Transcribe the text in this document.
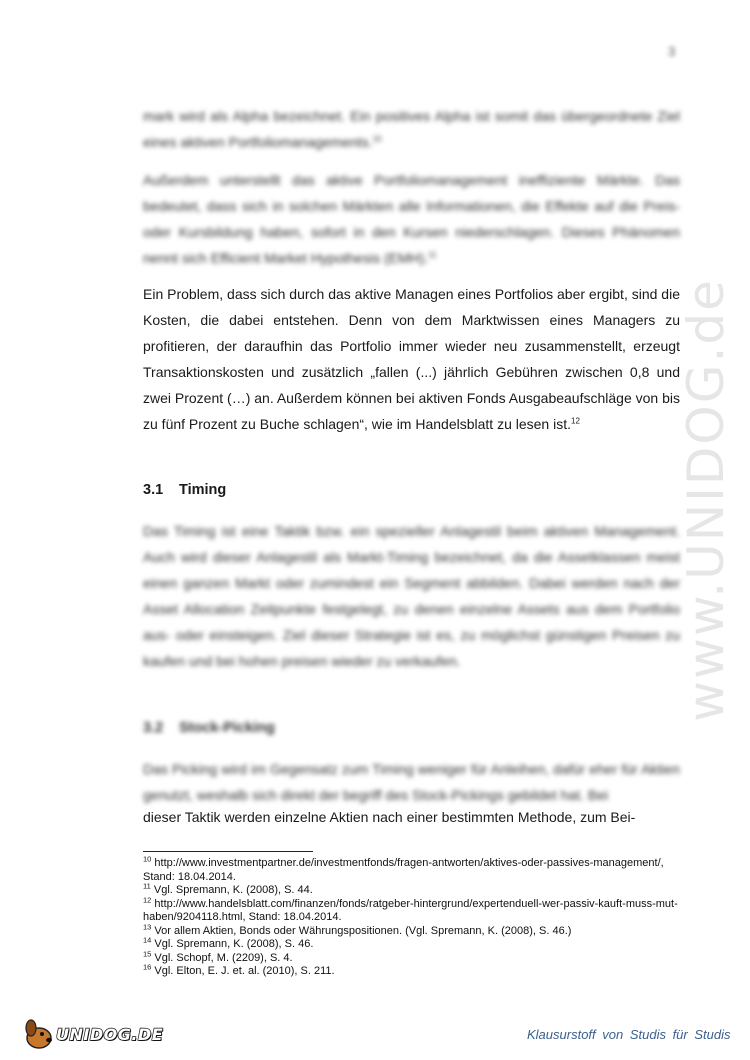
3
www.UNIDOG.de

mark wird als Alpha bezeichnet. Ein positives Alpha ist somit das übergeordnete Ziel eines aktiven Portfoliomanagements.$^{10}$

Außerdem unterstellt das aktive Portfoliomanagement ineffiziente Märkte. Das bedeutet, dass sich in solchen Märkten alle Informationen, die Effekte auf die Preis- oder Kursbildung haben, sofort in den Kursen niederschlagen. Dieses Phänomen nennt sich Efficient Market Hypothesis (EMH).$^{11}$

Ein Problem, dass sich durch das aktive Managen eines Portfolios aber ergibt, sind die Kosten, die dabei entstehen. Denn von dem Marktwissen eines Managers zu profitieren, der daraufhin das Portfolio immer wieder neu zusammenstellt, erzeugt Transaktionskosten und zusätzlich „fallen (...) jährlich Gebühren zwischen 0,8 und zwei Prozent (…) an. Außerdem können bei aktiven Fonds Ausgabeaufschläge von bis zu fünf Prozent zu Buche schlagen“, wie im Handelsblatt zu lesen ist.$^{12}$

3.1 Timing

Das Timing ist eine Taktik bzw. ein spezieller Anlagestil beim aktiven Management. Auch wird dieser Anlagestil als Markt-Timing bezeichnet, da die Assetklassen meist einen ganzen Markt oder zumindest ein Segment abbilden. Dabei werden nach der Asset Allocation Zeitpunkte festgelegt, zu denen einzelne Assets aus dem Portfolio aus- oder einsteigen. Ziel dieser Strategie ist es, zu möglichst günstigen Preisen zu kaufen und bei hohen preisen wieder zu verkaufen.

3.2 Stock-Picking

Das Picking wird im Gegensatz zum Timing weniger für Anleihen, dafür eher für Aktien genutzt, weshalb sich direkt der begriff des Stock-Pickings gebildet hat. Bei

dieser Taktik werden einzelne Aktien nach einer bestimmten Methode, zum Bei-

$^{10}$ http://www.investmentpartner.de/investmentfonds/fragen-antworten/aktives-oder-passives-management/, Stand: 18.04.2014.
$^{11}$ Vgl. Spremann, K. (2008), S. 44.
$^{12}$ http://www.handelsblatt.com/finanzen/fonds/ratgeber-hintergrund/expertenduell-wer-passiv-kauft-muss-mut-haben/9204118.html, Stand: 18.04.2014.
$^{13}$ Vor allem Aktien, Bonds oder Währungspositionen. (Vgl. Spremann, K. (2008), S. 46.)
$^{14}$ Vgl. Spremann, K. (2008), S. 46.
$^{15}$ Vgl. Schopf, M. (2209), S. 4.
$^{16}$ Vgl. Elton, E. J. et. al. (2010), S. 211.
UNIDOG.DE	Klausurstoff von Studis für Studis
